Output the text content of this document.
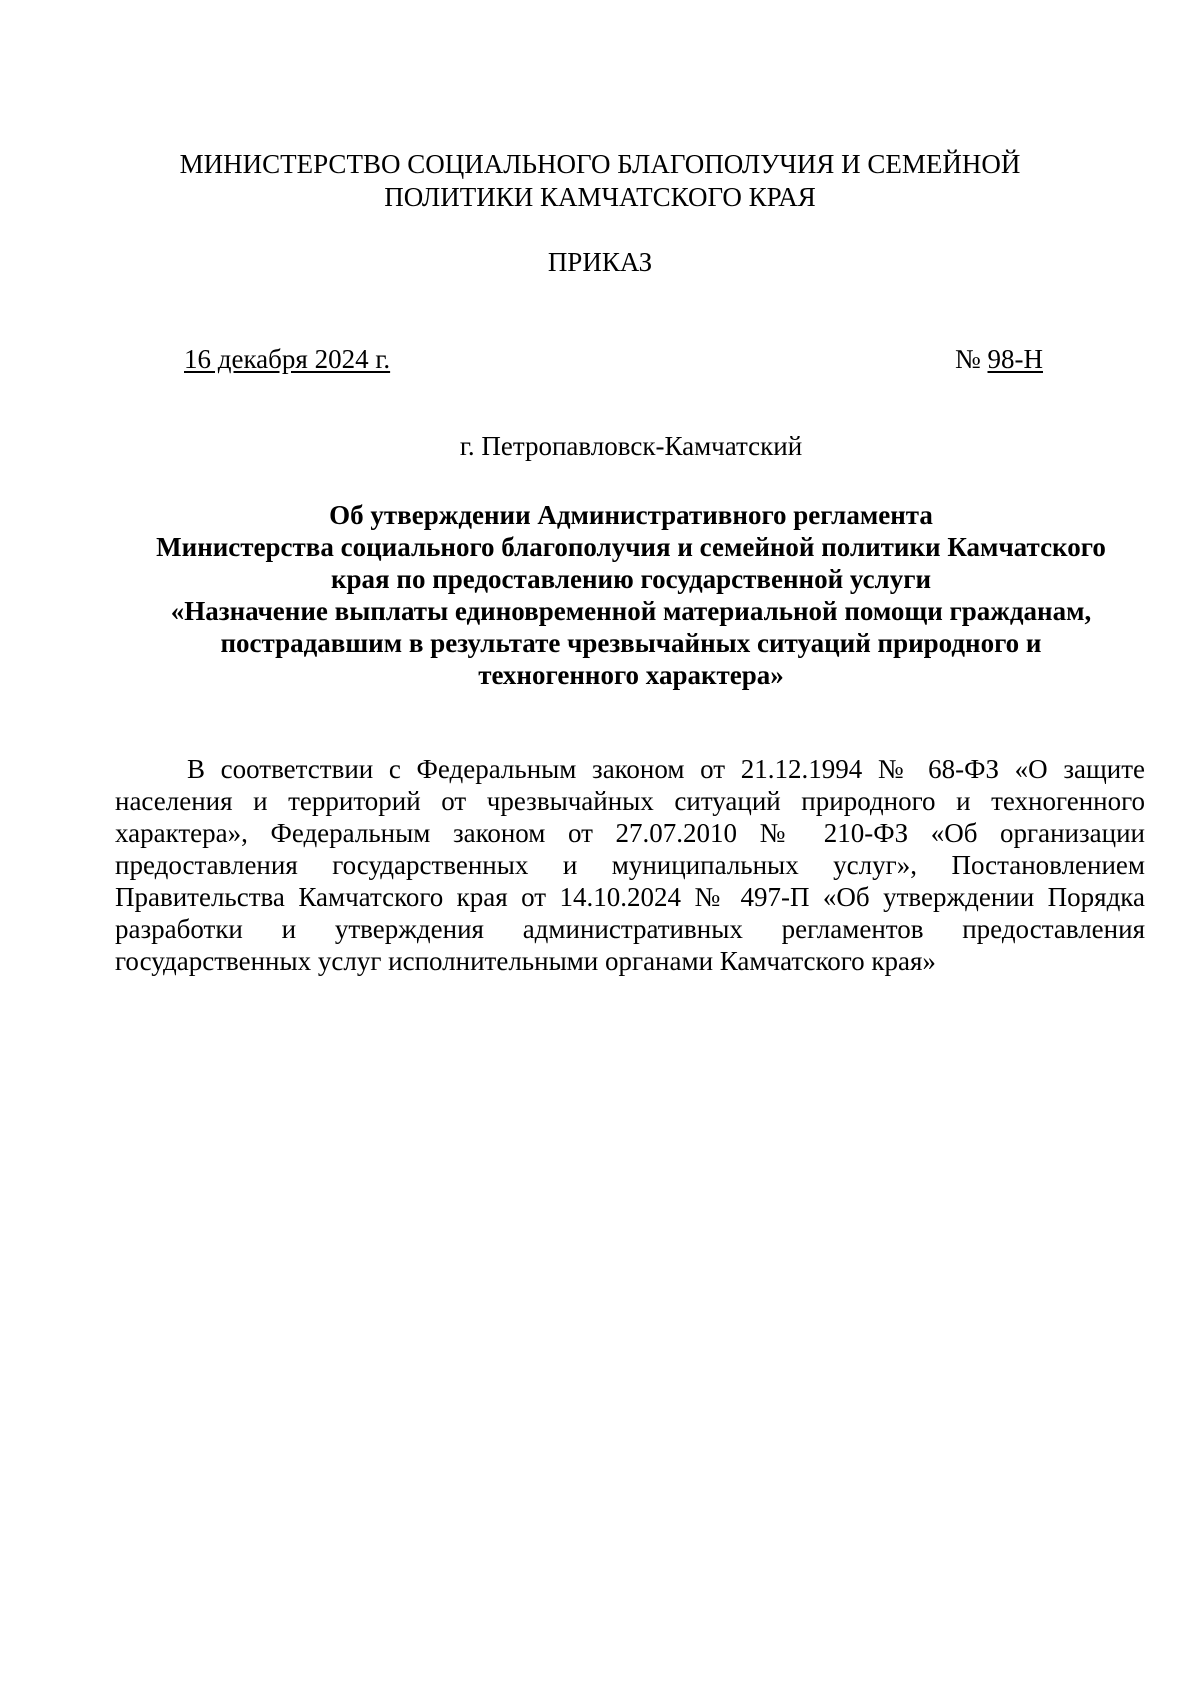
МИНИСТЕРСТВО СОЦИАЛЬНОГО БЛАГОПОЛУЧИЯ И СЕМЕЙНОЙ
ПОЛИТИКИ КАМЧАТСКОГО КРАЯ
ПРИКАЗ
16 декабря 2024 г.	№ 98-Н
г. Петропавловск-Камчатский
Об утверждении Административного регламента
Министерства социального благополучия и семейной политики Камчатского
края по предоставлению государственной услуги
«Назначение выплаты единовременной материальной помощи гражданам,
пострадавшим в результате чрезвычайных ситуаций природного и
техногенного характера»

В соответствии с Федеральным законом от 21.12.1994 № 68-ФЗ «О защите населения и территорий от чрезвычайных ситуаций природного и техногенного характера», Федеральным законом от 27.07.2010 № 210-ФЗ «Об организации предоставления государственных и муниципальных услуг», Постановлением Правительства Камчатского края от 14.10.2024 № 497-П «Об утверждении Порядка разработки и утверждения административных регламентов предоставления государственных услуг исполнительными органами Камчатского края»
